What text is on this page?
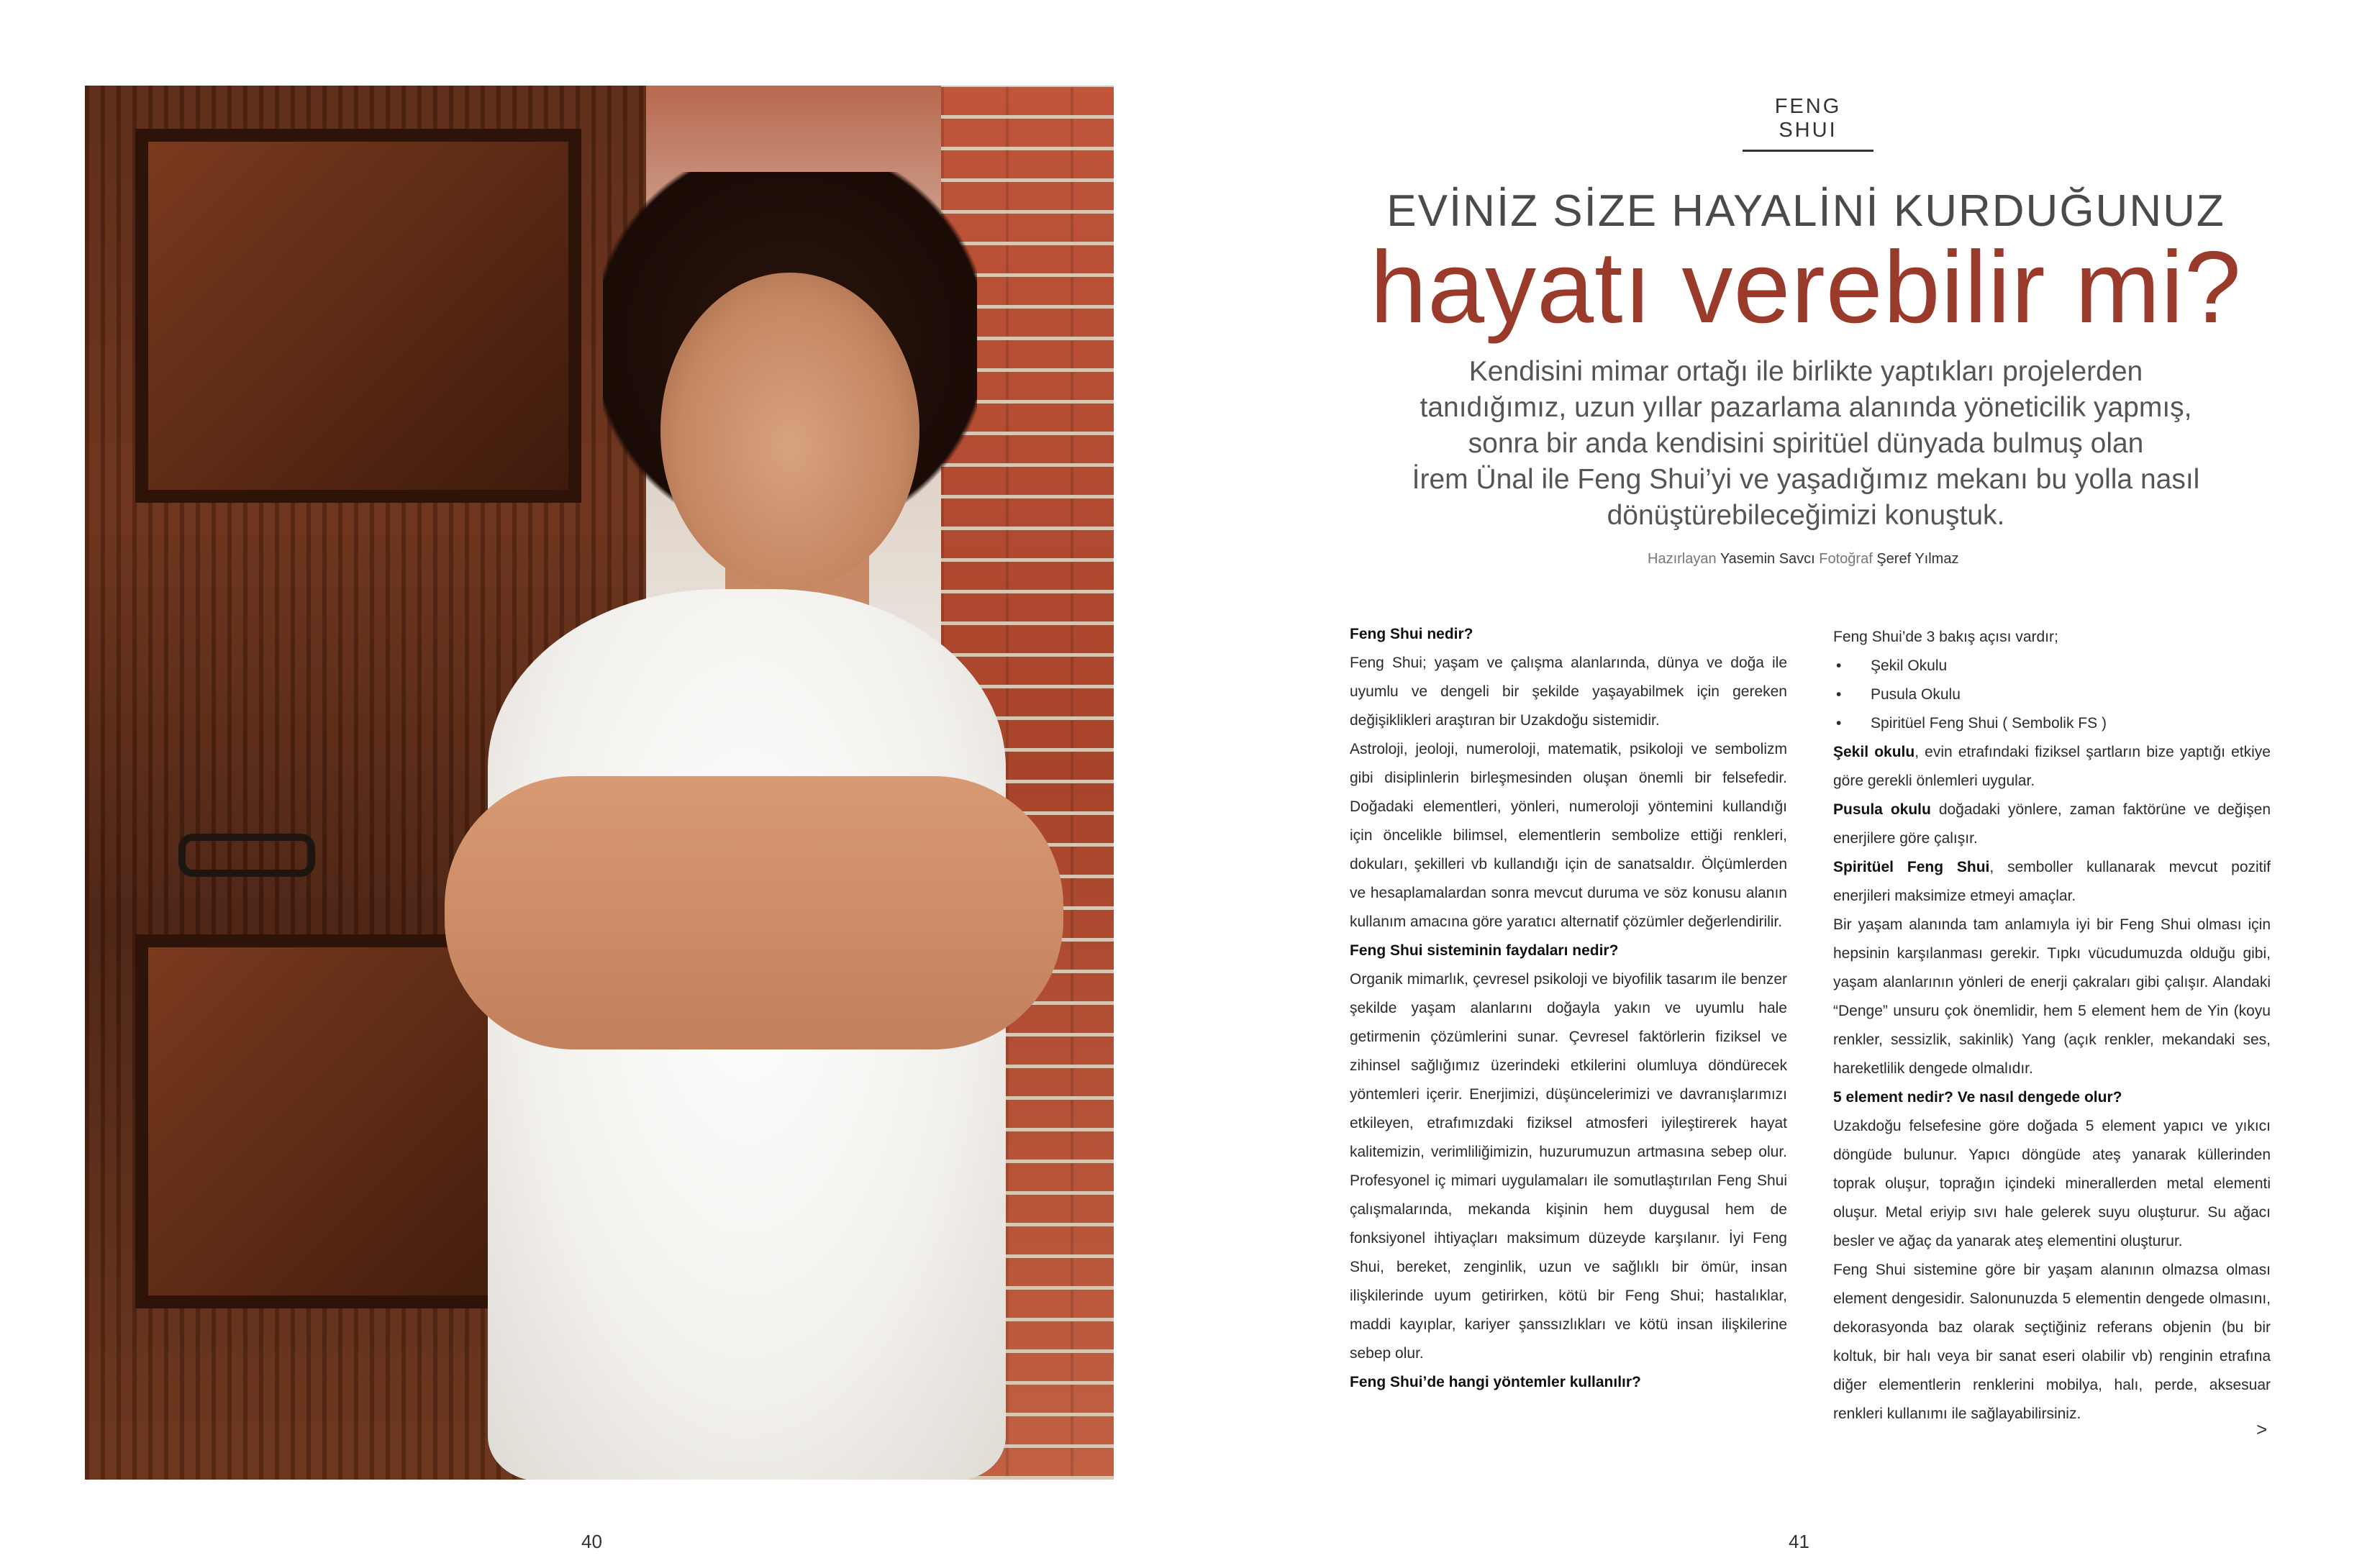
FENG SHUI
EVİNİZ SİZE HAYALİNİ KURDUĞUNUZ
hayatı verebilir mi?

Kendisini mimar ortağı ile birlikte yaptıkları projelerden

tanıdığımız, uzun yıllar pazarlama alanında yöneticilik yapmış,

sonra bir anda kendisini spiritüel dünyada bulmuş olan

İrem Ünal ile Feng Shui’yi ve yaşadığımız mekanı bu yolla nasıl

dönüştürebileceğimizi konuştuk.

Hazırlayan Yasemin Savcı Fotoğraf Şeref Yılmaz

Feng Shui nedir?

Feng Shui; yaşam ve çalışma alanlarında, dünya ve doğa ile uyumlu ve dengeli bir şekilde yaşayabilmek için gereken değişiklikleri araştıran bir Uzakdoğu sistemidir.

Astroloji, jeoloji, numeroloji, matematik, psikoloji ve sembolizm gibi disiplinlerin birleşmesinden oluşan önemli bir felsefedir. Doğadaki elementleri, yönleri, numeroloji yöntemini kullandığı için öncelikle bilimsel, elementlerin sembolize ettiği renkleri, dokuları, şekilleri vb kullandığı için de sanatsaldır. Ölçümlerden ve hesaplamalardan sonra mevcut duruma ve söz konusu alanın kullanım amacına göre yaratıcı alternatif çözümler değerlendirilir.

Feng Shui sisteminin faydaları nedir?

Organik mimarlık, çevresel psikoloji ve biyofilik tasarım ile benzer şekilde yaşam alanlarını doğayla yakın ve uyumlu hale getirmenin çözümlerini sunar. Çevresel faktörlerin fiziksel ve zihinsel sağlığımız üzerindeki etkilerini olumluya döndürecek yöntemleri içerir. Enerjimizi, düşüncelerimizi ve davranışlarımızı etkileyen, etrafımızdaki fiziksel atmosferi iyileştirerek hayat kalitemizin, verimliliğimizin, huzurumuzun artmasına sebep olur. Profesyonel iç mimari uygulamaları ile somutlaştırılan Feng Shui çalışmalarında, mekanda kişinin hem duygusal hem de fonksiyonel ihtiyaçları maksimum düzeyde karşılanır. İyi Feng Shui, bereket, zenginlik, uzun ve sağlıklı bir ömür, insan ilişkilerinde uyum getirirken, kötü bir Feng Shui; hastalıklar, maddi kayıplar, kariyer şanssızlıkları ve kötü insan ilişkilerine sebep olur.

Feng Shui’de hangi yöntemler kullanılır?

Feng Shui’de 3 bakış açısı vardır;

• Şekil Okulu
• Pusula Okulu
• Spiritüel Feng Shui ( Sembolik FS )

Şekil okulu, evin etrafındaki fiziksel şartların bize yaptığı etkiye göre gerekli önlemleri uygular.

Pusula okulu doğadaki yönlere, zaman faktörüne ve değişen enerjilere göre çalışır.

Spiritüel Feng Shui, semboller kullanarak mevcut pozitif enerjileri maksimize etmeyi amaçlar.

Bir yaşam alanında tam anlamıyla iyi bir Feng Shui olması için hepsinin karşılanması gerekir. Tıpkı vücudumuzda olduğu gibi, yaşam alanlarının yönleri de enerji çakraları gibi çalışır. Alandaki “Denge” unsuru çok önemlidir, hem 5 element hem de Yin (koyu renkler, sessizlik, sakinlik) Yang (açık renkler, mekandaki ses, hareketlilik dengede olmalıdır.

5 element nedir? Ve nasıl dengede olur?

Uzakdoğu felsefesine göre doğada 5 element yapıcı ve yıkıcı döngüde bulunur. Yapıcı döngüde ateş yanarak küllerinden toprak oluşur, toprağın içindeki minerallerden metal elementi oluşur. Metal eriyip sıvı hale gelerek suyu oluşturur. Su ağacı besler ve ağaç da yanarak ateş elementini oluşturur.

Feng Shui sistemine göre bir yaşam alanının olmazsa olması element dengesidir. Salonunuzda 5 elementin dengede olmasını, dekorasyonda baz olarak seçtiğiniz referans objenin (bu bir koltuk, bir halı veya bir sanat eseri olabilir vb) renginin etrafına diğer elementlerin renklerini mobilya, halı, perde, aksesuar renkleri kullanımı ile sağlayabilirsiniz.

>
40	41
